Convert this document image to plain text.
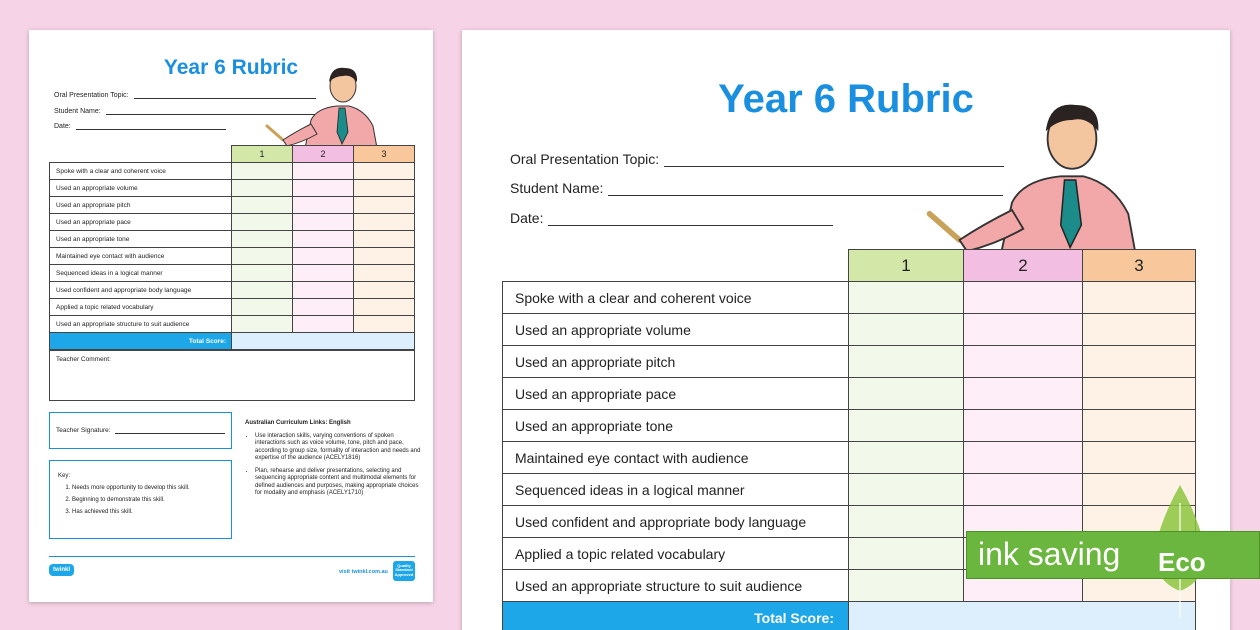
Year 6 Rubric
Oral Presentation Topic:
Student Name:
Date:
	1	2	3
Spoke with a clear and coherent voice			
Used an appropriate volume			
Used an appropriate pitch			
Used an appropriate pace			
Used an appropriate tone			
Maintained eye contact with audience			
Sequenced ideas in a logical manner			
Used confident and appropriate body language			
Applied a topic related vocabulary			
Used an appropriate structure to suit audience			
Total Score:			
Teacher Comment:
Teacher Signature:
Key:
1. Needs more opportunity to develop this skill.
2. Beginning to demonstrate this skill.
3. Has achieved this skill.
Australian Curriculum Links: English
• Use interaction skills, varying conventions of spoken interactions such as voice volume, tone, pitch and pace, according to group size, formality of interaction and needs and expertise of the audience (ACELY1816)
• Plan, rehearse and deliver presentations, selecting and sequencing appropriate content and multimodal elements for defined audiences and purposes, making appropriate choices for modality and emphasis (ACELY1710)
twinkl	visit twinkl.com.au
Quality Standard Approved
Year 6 Rubric
Oral Presentation Topic:
Student Name:
Date:
	1	2	3
Spoke with a clear and coherent voice			
Used an appropriate volume			
Used an appropriate pitch			
Used an appropriate pace			
Used an appropriate tone			
Maintained eye contact with audience			
Sequenced ideas in a logical manner			
Used confident and appropriate body language			
Applied a topic related vocabulary			
Used an appropriate structure to suit audience			
Total Score:			
ink saving Eco
